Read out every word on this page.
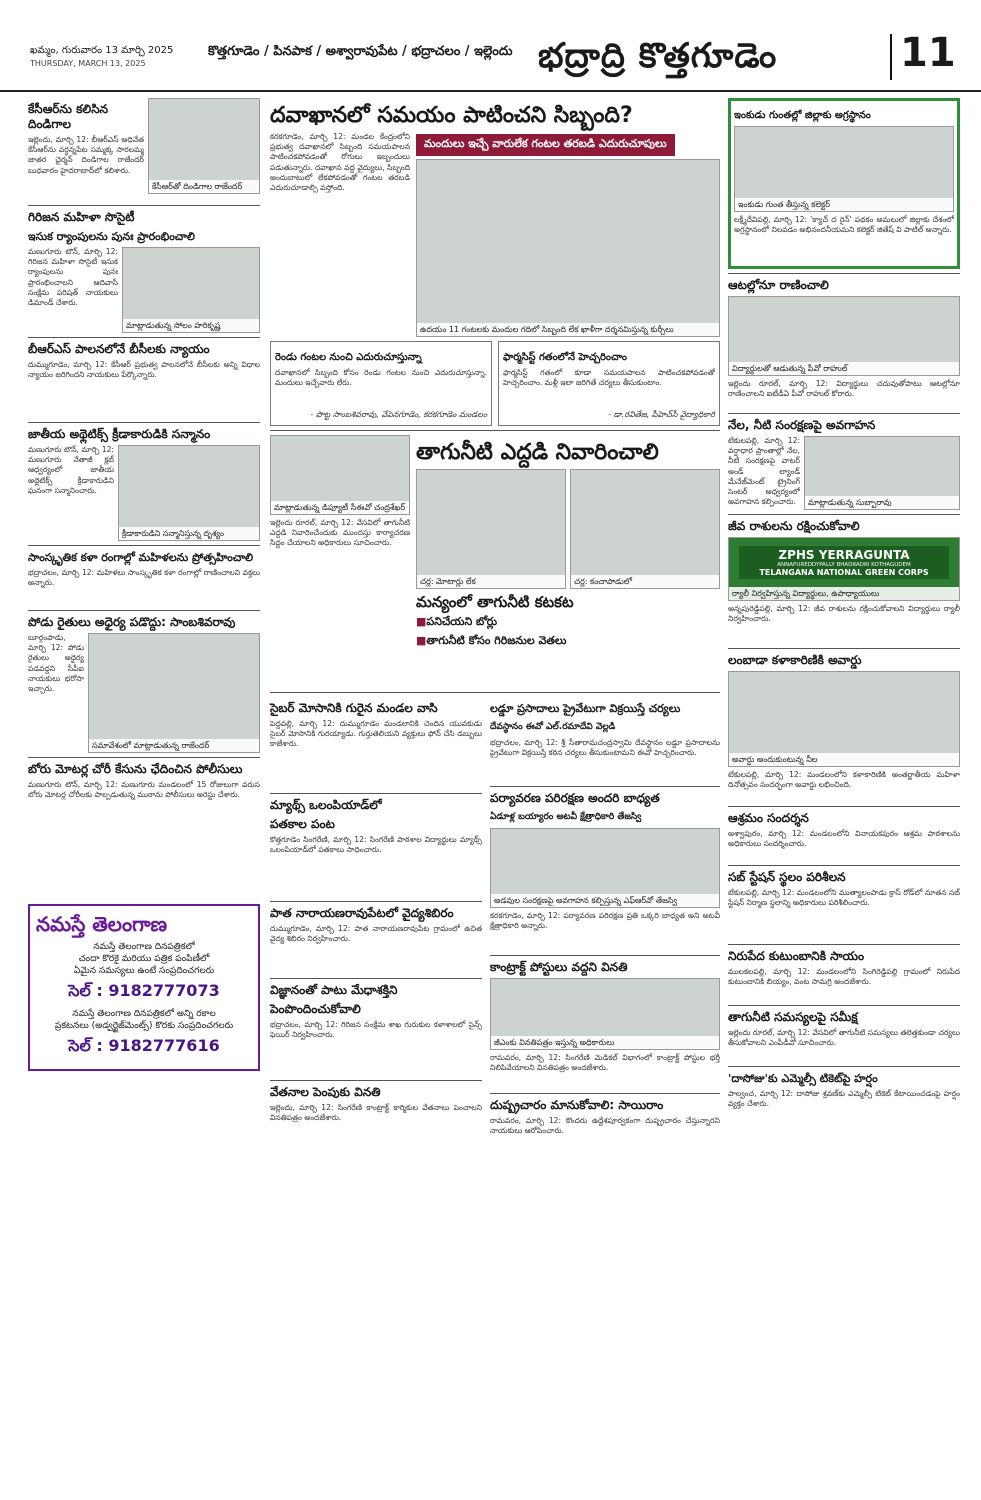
ఖమ్మం, గురువారం 13 మార్చి 2025
THURSDAY, MARCH 13, 2025
కొత్తగూడెం / పినపాక / అశ్వారావుపేట / భద్రాచలం / ఇల్లెందు భద్రాద్రి కొత్తగూడెం	11
కేసీఆర్‌ను కలిసిన దిండిగాల
ఇల్లెందు, మార్చి 12: బీఆర్ఎస్ అధినేత కేసీఆర్‌ను వర్ధన్నపేట సమ్మక్క సారలమ్మ జాతర ఛైర్మన్ దిండిగాల రాజేందర్ బుధవారం హైదరాబాద్‌లో కలిశారు.
కేసీఆర్‌తో దిండిగాల రాజేందర్
గిరిజన మహిళా సొసైటీ
ఇసుక ర్యాంపులను పునః ప్రారంభించాలి
మణుగూరు టౌన్, మార్చి 12: గిరిజన మహిళా సొసైటీ ఇసుక ర్యాంపులను పునః ప్రారంభించాలని ఆదివాసీ సంక్షేమ పరిషత్ నాయకులు డిమాండ్ చేశారు.
మాట్లాడుతున్న సోలం హరికృష్ణ
బీఆర్ఎస్ పాలనలోనే బీసీలకు న్యాయం
దుమ్ముగూడెం, మార్చి 12: కేసీఆర్ ప్రభుత్వ పాలనలోనే బీసీలకు అన్ని విధాల న్యాయం జరిగిందని నాయకులు పేర్కొన్నారు.
జాతీయ అథ్లెటిక్స్ క్రీడాకారుడికి సన్మానం
మణుగూరు టౌన్, మార్చి 12: మణుగూరు నేతాజీ క్లబ్ ఆధ్వర్యంలో జాతీయ అథ్లెటిక్స్ క్రీడాకారుడిని ఘనంగా సన్మానించారు.
క్రీడాకారుడిని సన్మానిస్తున్న దృశ్యం
సాంస్కృతిక కళా రంగాల్లో మహిళలను ప్రోత్సహించాలి
భద్రాచలం, మార్చి 12: మహిళలు సాంస్కృతిక కళా రంగాల్లో రాణించాలని వక్తలు అన్నారు.
పోడు రైతులు అధైర్య పడొద్దు: సాంబశివరావు
బూర్గంపాడు, మార్చి 12: పోడు రైతులు అధైర్య పడవద్దని సీపీఐ నాయకులు భరోసా ఇచ్చారు.
సమావేశంలో మాట్లాడుతున్న రాజేందర్
బోరు మోటర్ల చోరీ కేసును ఛేదించిన పోలీసులు
మణుగూరు టౌన్, మార్చి 12: మణుగూరు మండలంలో 15 రోజులుగా వరుస బోరు మోటర్ల చోరీలకు పాల్పడుతున్న ముఠాను పోలీసులు అరెస్టు చేశారు.
నమస్తే తెలంగాణ
నమస్తే తెలంగాణ దినపత్రికలో
చందా కొరకై మరియు పత్రిక పంపిణీలో
ఏమైన సమస్యలు ఉంటే సంప్రదించగలరు
సెల్ : 9182777073
నమస్తే తెలంగాణ దినపత్రికలో అన్ని రకాల
ప్రకటనలు (అడ్వర్టైజ్‌మెంట్స్) కొరకు సంప్రదించగలరు
సెల్ : 9182777616
దవాఖానలో సమయం పాటించని సిబ్బంది?
కరకగూడెం, మార్చి 12: మండల కేంద్రంలోని ప్రభుత్వ దవాఖానలో సిబ్బంది సమయపాలన పాటించకపోవడంతో రోగులు ఇబ్బందులు పడుతున్నారు. దవాఖాన వద్ద వైద్యులు, సిబ్బంది అందుబాటులో లేకపోవడంతో గంటల తరబడి ఎదురుచూడాల్సి వస్తోంది.
మందులు ఇచ్చే వారులేక గంటల తరబడి ఎదురుచూపులు
ఉదయం 11 గంటలకు మందుల గదిలో సిబ్బంది లేక ఖాళీగా దర్శనమిస్తున్న కుర్చీలు
రెండు గంటల నుంచి ఎదురుచూస్తున్నా
దవాఖానలో సిబ్బంది కోసం రెండు గంటల నుంచి ఎదురుచూస్తున్నా. మందులు ఇచ్చేవారు లేరు.
- పొట్ట సాంబశివరావు, వేపెనగూడెం, కరకగూడెం మండలం
ఫార్మసిస్ట్ గతంలోనే హెచ్చరించాం
ఫార్మసిస్ట్ గతంలో కూడా సమయపాలన పాటించకపోవడంతో హెచ్చరించాం. మళ్లీ ఇలా జరిగితే చర్యలు తీసుకుంటాం.
- డా.రవితేజ, పీహెచ్‌సీ వైద్యాధికారి
మాట్లాడుతున్న డిప్యూటీ సీఈవో చంద్రశేఖర్
ఇల్లెందు రూరల్, మార్చి 12: వేసవిలో తాగునీటి ఎద్దడి నివారించేందుకు ముందస్తు కార్యాచరణ సిద్ధం చేయాలని అధికారులు సూచించారు.
తాగునీటి ఎద్దడి నివారించాలి
చర్ల: మోటార్లు లేక	చర్ల: కంచాపాడులో
మన్యంలో తాగునీటి కటకట
■ పనిచేయని బోర్లు
■ తాగునీటి కోసం గిరిజనుల వెతలు
సైబర్ మోసానికి గురైన మండల వాసి
పెద్దవల్లి, మార్చి 12: దుమ్ముగూడెం మండలానికి చెందిన యువకుడు సైబర్ మోసానికి గురయ్యాడు. గుర్తుతెలియని వ్యక్తులు ఫోన్ చేసి డబ్బులు కాజేశారు.
మ్యాథ్స్ ఒలంపియాడ్‌లో
పతకాల పంట
కొత్తగూడెం సింగరేణి, మార్చి 12: సింగరేణి పాఠశాల విద్యార్థులు మ్యాథ్స్ ఒలంపియాడ్‌లో పతకాలు సాధించారు.
పాత నారాయణరావుపేటలో వైద్యశిబిరం
దుమ్ముగూడెం, మార్చి 12: పాత నారాయణరావుపేట గ్రామంలో ఉచిత వైద్య శిబిరం నిర్వహించారు.
విజ్ఞానంతో పాటు మేధాశక్తిని
పెంపొందించుకోవాలి
భద్రాచలం, మార్చి 12: గిరిజన సంక్షేమ శాఖ గురుకుల కళాశాలలో సైన్స్ ఫెయిర్ నిర్వహించారు.
వేతనాల పెంపుకు వినతి
ఇల్లెందు, మార్చి 12: సింగరేణి కాంట్రాక్ట్ కార్మికుల వేతనాలు పెంచాలని వినతిపత్రం అందజేశారు.
లడ్డూ ప్రసాదాలు ప్రైవేటుగా విక్రయిస్తే చర్యలు
దేవస్థానం ఈవో ఎల్.రమాదేవి వెల్లడి
భద్రాచలం, మార్చి 12: శ్రీ సీతారామచంద్రస్వామి దేవస్థానం లడ్డూ ప్రసాదాలను ప్రైవేటుగా విక్రయిస్తే కఠిన చర్యలు తీసుకుంటామని ఈవో హెచ్చరించారు.
పర్యావరణ పరిరక్షణ అందరి బాధ్యత
ఏడూళ్ల బయ్యారం అటవీ క్షేత్రాధికారి తేజస్వి
అడవుల సంరక్షణపై అవగాహన కల్పిస్తున్న ఎఫ్ఆర్‌వో తేజస్వి
కరకగూడెం, మార్చి 12: పర్యావరణ పరిరక్షణ ప్రతి ఒక్కరి బాధ్యత అని అటవీ క్షేత్రాధికారి అన్నారు.
కాంట్రాక్ట్ పోస్టులు వద్దని వినతి
జీఎంకు వినతిపత్రం ఇస్తున్న అధికారులు
రామవరం, మార్చి 12: సింగరేణి మెడికల్ విభాగంలో కాంట్రాక్ట్ పోస్టుల భర్తీ నిలిపివేయాలని వినతిపత్రం అందజేశారు.
దుష్ప్రచారం మానుకోవాలి: సాయిరాం
రామవరం, మార్చి 12: కొందరు ఉద్దేశపూర్వకంగా దుష్ప్రచారం చేస్తున్నారని నాయకులు ఆరోపించారు.
ఇంకుడు గుంతల్లో జిల్లాకు అగ్రస్థానం
ఇంకుడు గుంత తీస్తున్న కలెక్టర్
లక్ష్మీదేవిపల్లి, మార్చి 12: 'క్యాచ్ ద రైన్' పథకం అమలులో జిల్లాకు దేశంలో అగ్రస్థానంలో నిలవడం అభినందనీయమని కలెక్టర్ జితేష్ వి పాటిల్ అన్నారు.
ఆటల్లోనూ రాణించాలి
విద్యార్థులతో ఆడుతున్న పీవో రాహుల్
ఇల్లెందు రూరల్, మార్చి 12: విద్యార్థులు చదువుతోపాటు ఆటల్లోనూ రాణించాలని ఐటీడీఏ పీవో రాహుల్ కోరారు.
నేల, నీటి సంరక్షణపై అవగాహన
టేకులపల్లి, మార్చి 12: వర్షాధార ప్రాంతాల్లో నేల, నీటి సంరక్షణపై వాటర్ అండ్ ల్యాండ్ మేనేజ్‌మెంట్ ట్రైనింగ్ సెంటర్ అధ్వర్యంలో అవగాహన కల్పించారు.	మాట్లాడుతున్న సుబ్బారావు
జీవ రాశులను రక్షించుకోవాలి
ZPHS YERRAGUNTA
ANNAPUREDDYPALLY BHADRADRI KOTHAGUDEM
TELANGANA NATIONAL GREEN CORPS
ర్యాలీ నిర్వహిస్తున్న విద్యార్థులు, ఉపాధ్యాయులు
అన్నపురెడ్డిపల్లి, మార్చి 12: జీవ రాశులను రక్షించుకోవాలని విద్యార్థులు ర్యాలీ నిర్వహించారు.
లంబాడా కళాకారిణికి అవార్డు
అవార్డు అందుకుంటున్న నీల
టేకులపల్లి, మార్చి 12: మండలంలోని కళాకారిణికి అంతర్జాతీయ మహిళా దినోత్సవం సందర్భంగా అవార్డు లభించింది.
ఆశ్రమం సందర్శన
అశ్వాపురం, మార్చి 12: మండలంలోని వినాయకపురం ఆశ్రమ పాఠశాలను అధికారులు సందర్శించారు.
సబ్ స్టేషన్ స్థలం పరిశీలన
టేకులపల్లి, మార్చి 12: మండలంలోని ముత్యాలంపాడు క్రాస్ రోడ్‌లో నూతన సబ్ స్టేషన్ నిర్మాణ స్థలాన్ని అధికారులు పరిశీలించారు.
నిరుపేద కుటుంబానికి సాయం
ములకలపల్లి, మార్చి 12: మండలంలోని సింగిరెడ్డిపల్లి గ్రామంలో నిరుపేద కుటుంబానికి బియ్యం, వంట సామగ్రి అందజేశారు.
తాగునీటి సమస్యలపై సమీక్ష
ఇల్లెందు రూరల్, మార్చి 12: వేసవిలో తాగునీటి సమస్యలు తలెత్తకుండా చర్యలు తీసుకోవాలని ఎంపీడీవో సూచించారు.
'దాసోజు'కు ఎమ్మెల్సీ టికెట్‌పై హర్షం
పాల్వంచ, మార్చి 12: దాసోజు శ్రవణ్‌కు ఎమ్మెల్సీ టికెట్ కేటాయించడంపై హర్షం వ్యక్తం చేశారు.
